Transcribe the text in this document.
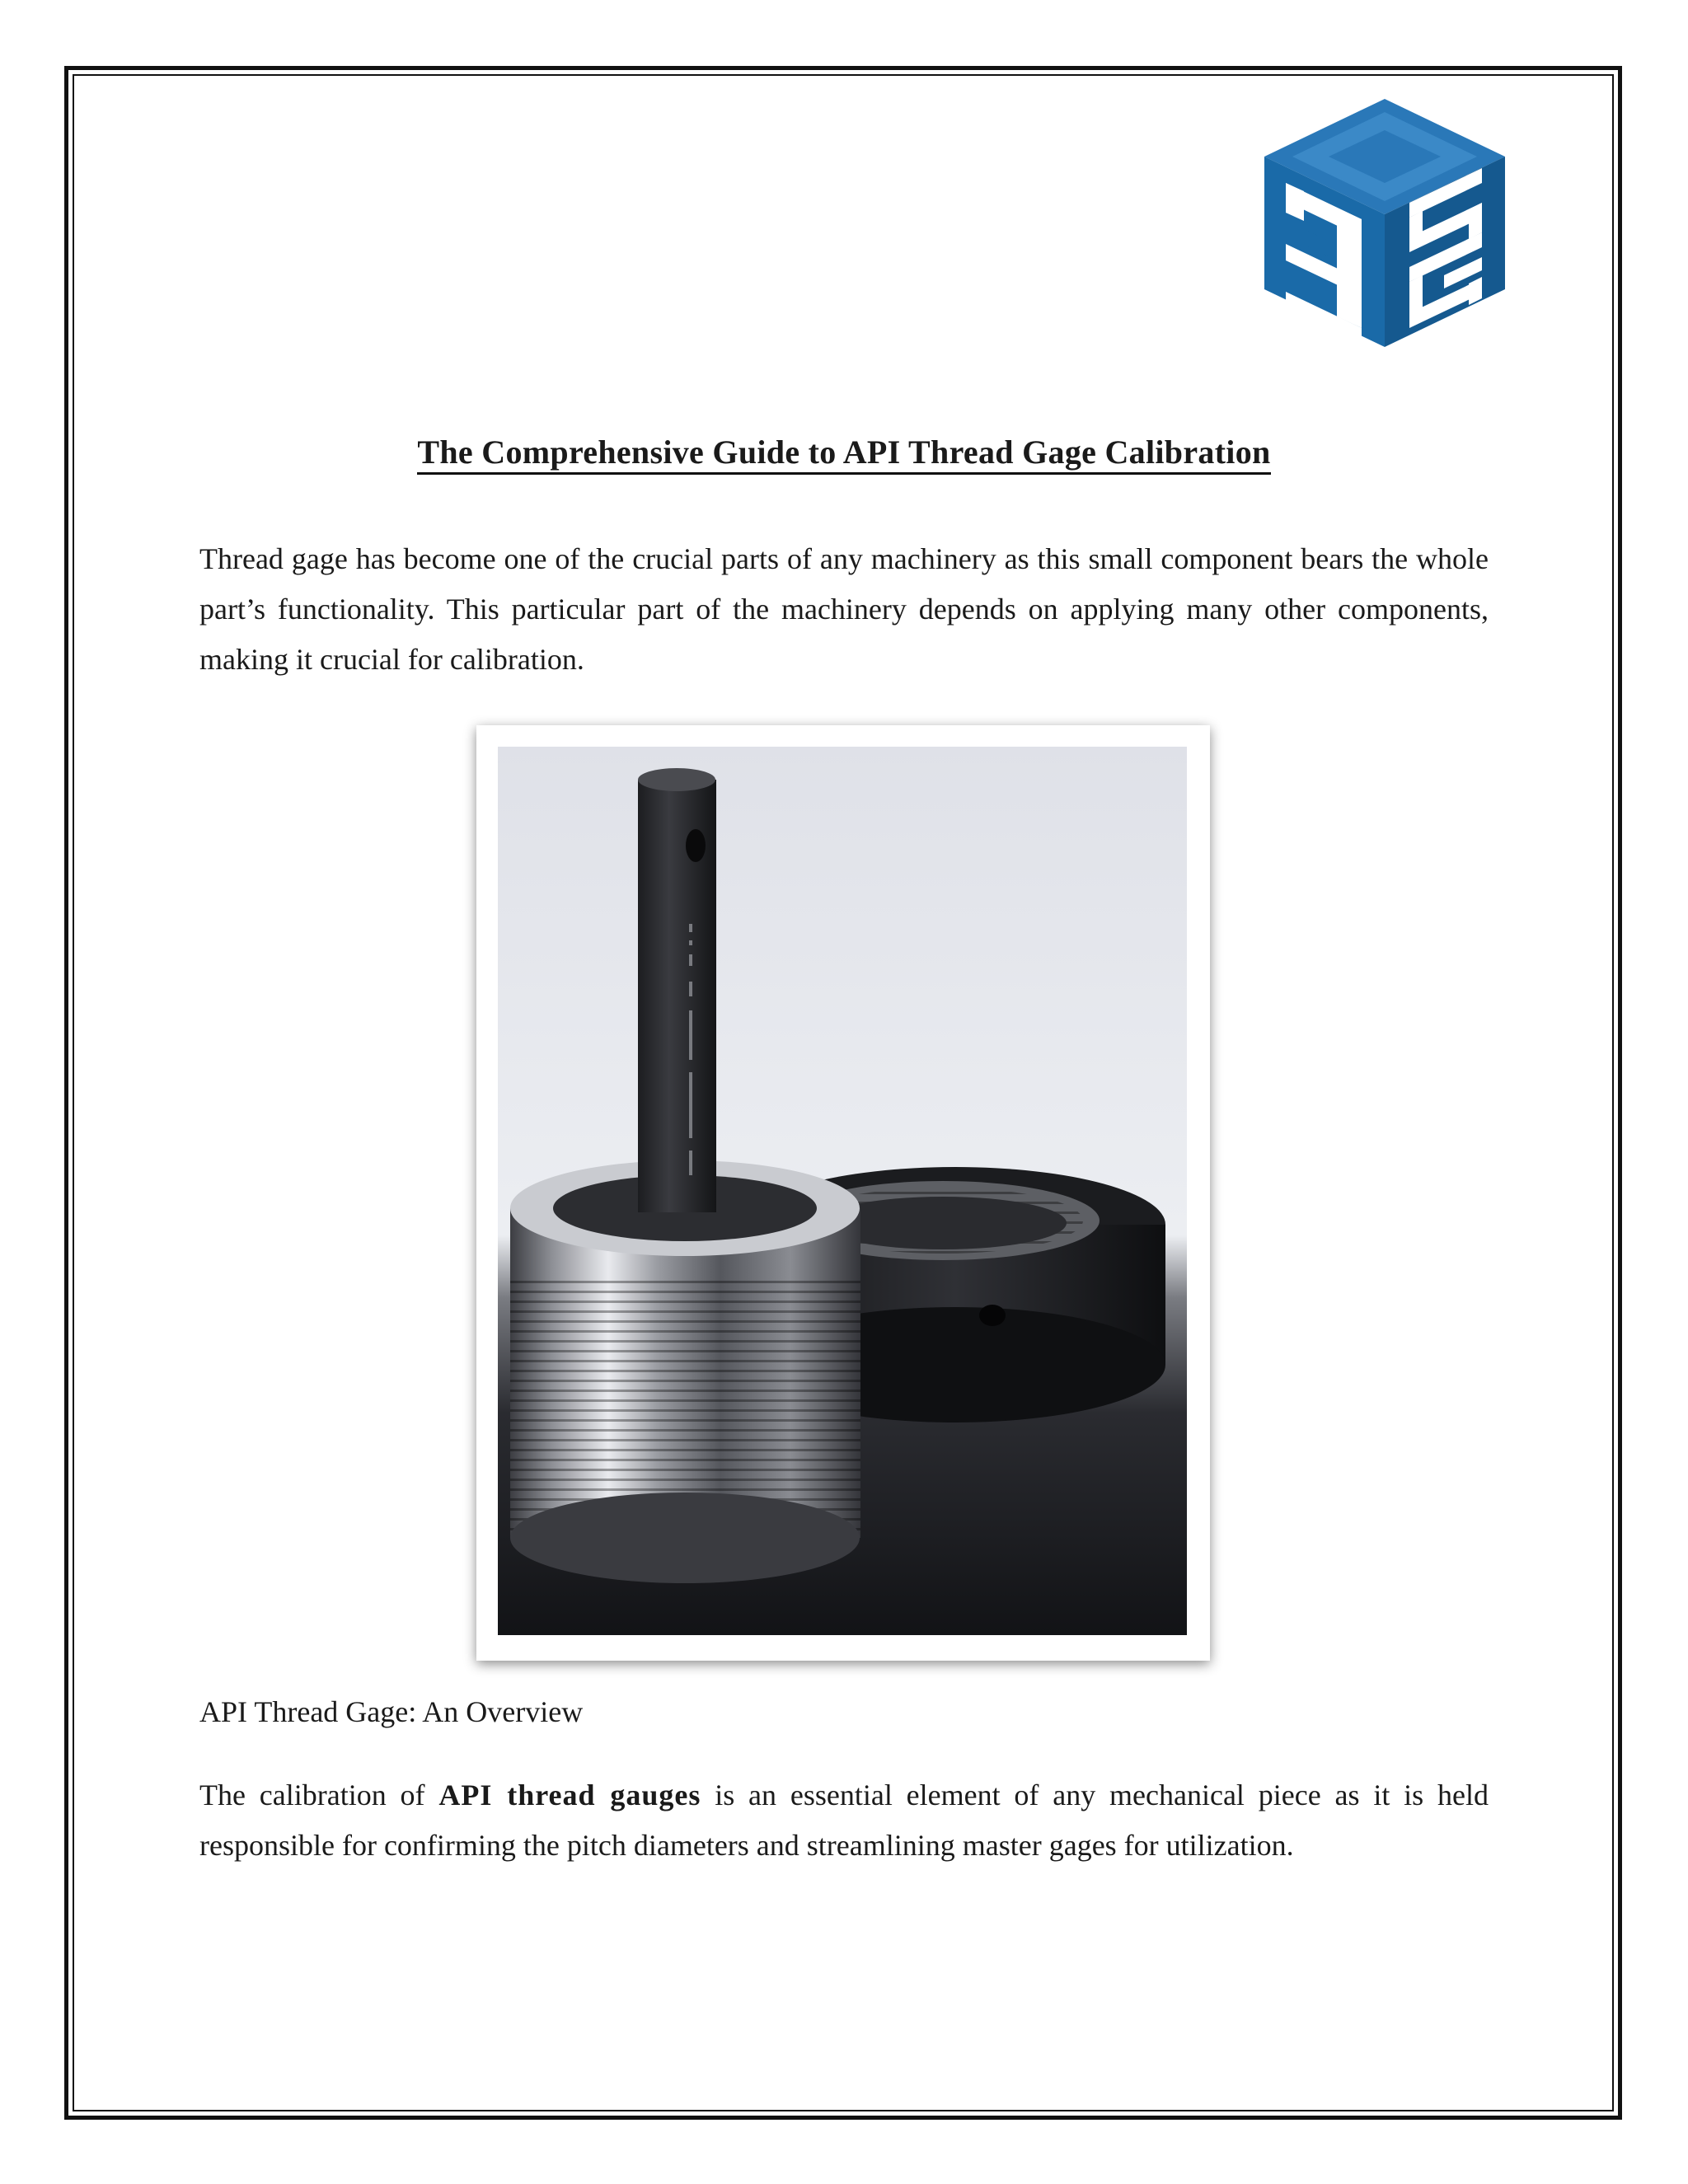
The Comprehensive Guide to API Thread Gage Calibration
Thread gage has become one of the crucial parts of any machinery as this small component bears the whole part’s functionality. This particular part of the machinery depends on applying many other components, making it crucial for calibration.
API Thread Gage: An Overview
The calibration of API thread gauges is an essential element of any mechanical piece as it is held responsible for confirming the pitch diameters and streamlining master gages for utilization.
